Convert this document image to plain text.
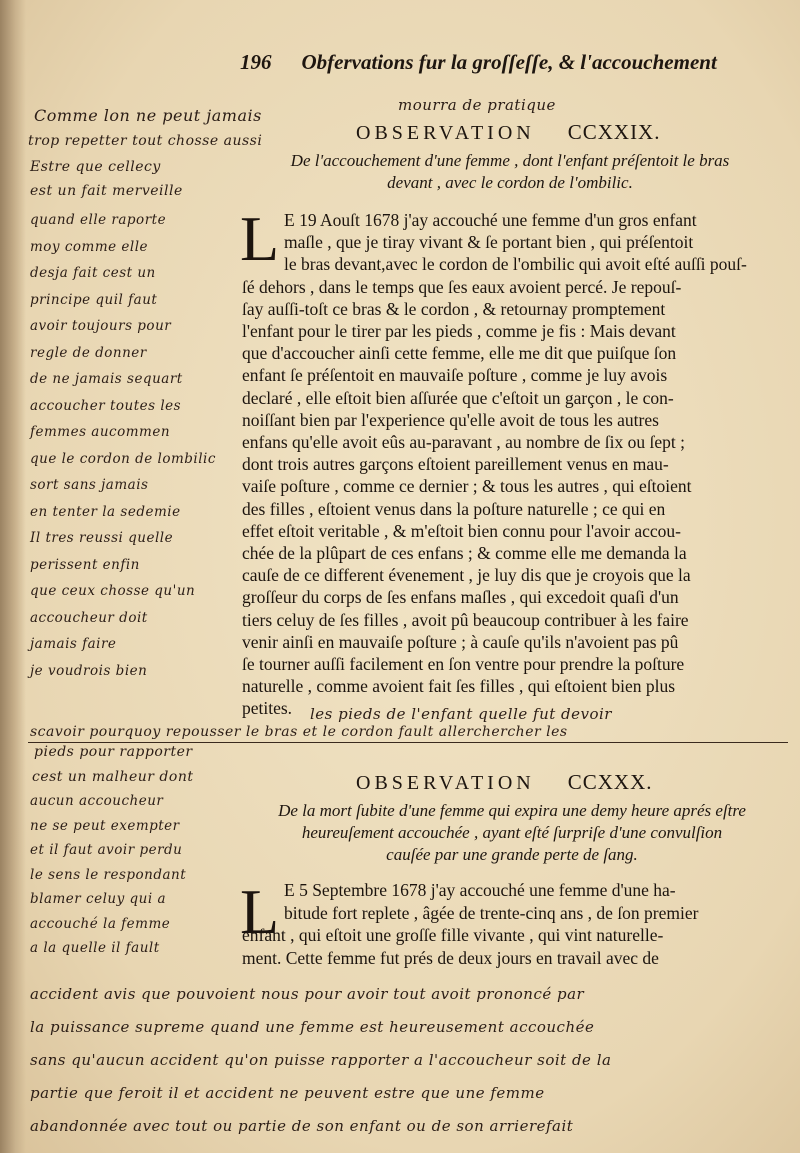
196 Obfervations fur la groſſeſſe, & l'accouchement
Comme lon ne peut jamais
mourra de pratique
trop repetter tout chosse aussi
Estre que cellecy
est un fait merveille
OBSERVATION CCXXIX.
De l'accouchement d'une femme , dont l'enfant préſentoit le bras
devant , avec le cordon de l'ombilic.
L E 19 Aouſt 1678 j'ay accouché une femme d'un gros enfant
maſle , que je tiray vivant & ſe portant bien , qui préſentoit
le bras devant,avec le cordon de l'ombilic qui avoit eſté auſſi pouſ-
ſé dehors , dans le temps que ſes eaux avoient percé. Je repouſ-
ſay auſſi-toſt ce bras & le cordon , & retournay promptement
l'enfant pour le tirer par les pieds , comme je fis : Mais devant
que d'accoucher ainſi cette femme, elle me dit que puiſque ſon
enfant ſe préſentoit en mauvaiſe poſture , comme je luy avois
declaré , elle eſtoit bien aſſurée que c'eſtoit un garçon , le con-
noiſſant bien par l'experience qu'elle avoit de tous les autres
enfans qu'elle avoit eûs au-paravant , au nombre de ſix ou ſept ;
dont trois autres garçons eſtoient pareillement venus en mau-
vaiſe poſture , comme ce dernier ; & tous les autres , qui eſtoient
des filles , eſtoient venus dans la poſture naturelle ; ce qui en
effet eſtoit veritable , & m'eſtoit bien connu pour l'avoir accou-
chée de la plûpart de ces enfans ; & comme elle me demanda la
cauſe de ce different évenement , je luy dis que je croyois que la
groſſeur du corps de ſes enfans maſles , qui excedoit quaſi d'un
tiers celuy de ſes filles , avoit pû beaucoup contribuer à les faire
venir ainſi en mauvaiſe poſture ; à cauſe qu'ils n'avoient pas pû
ſe tourner auſſi facilement en ſon ventre pour prendre la poſture
naturelle , comme avoient fait ſes filles , qui eſtoient bien plus
petites.
quand elle raporte
moy comme elle
desja fait cest un
principe quil faut
avoir toujours pour
regle de donner
de ne jamais sequart
accoucher toutes les
femmes aucommen
que le cordon de lombilic
sort sans jamais
en tenter la sedemie
Il tres reussi quelle
perissent enfin
que ceux chosse qu'un
accoucheur doit
jamais faire
je voudrois bien
les pieds de l'enfant quelle fut devoir
scavoir pourquoy repousser le bras et le cordon fault allerchercher les
pieds pour rapporter
cest un malheur dont	OBSERVATION CCXXX.
De la mort ſubite d'une femme qui expira une demy heure aprés eſtre
heureuſement accouchée , ayant eſté ſurpriſe d'une convulſion
cauſée par une grande perte de ſang.
L E 5 Septembre 1678 j'ay accouché une femme d'une ha-
bitude fort replete , âgée de trente-cinq ans , de ſon premier
enfant , qui eſtoit une groſſe fille vivante , qui vint naturelle-
ment. Cette femme fut prés de deux jours en travail avec de
aucun accoucheur
ne se peut exempter
et il faut avoir perdu
le sens le respondant
blamer celuy qui a
accouché la femme
a la quelle il fault
accident avis que pouvoient nous pour avoir tout avoit prononcé par
la puissance supreme quand une femme est heureusement accouchée
sans qu'aucun accident qu'on puisse rapporter a l'accoucheur soit de la
partie que feroit il et accident ne peuvent estre que une femme
abandonnée avec tout ou partie de son enfant ou de son arrierefait
